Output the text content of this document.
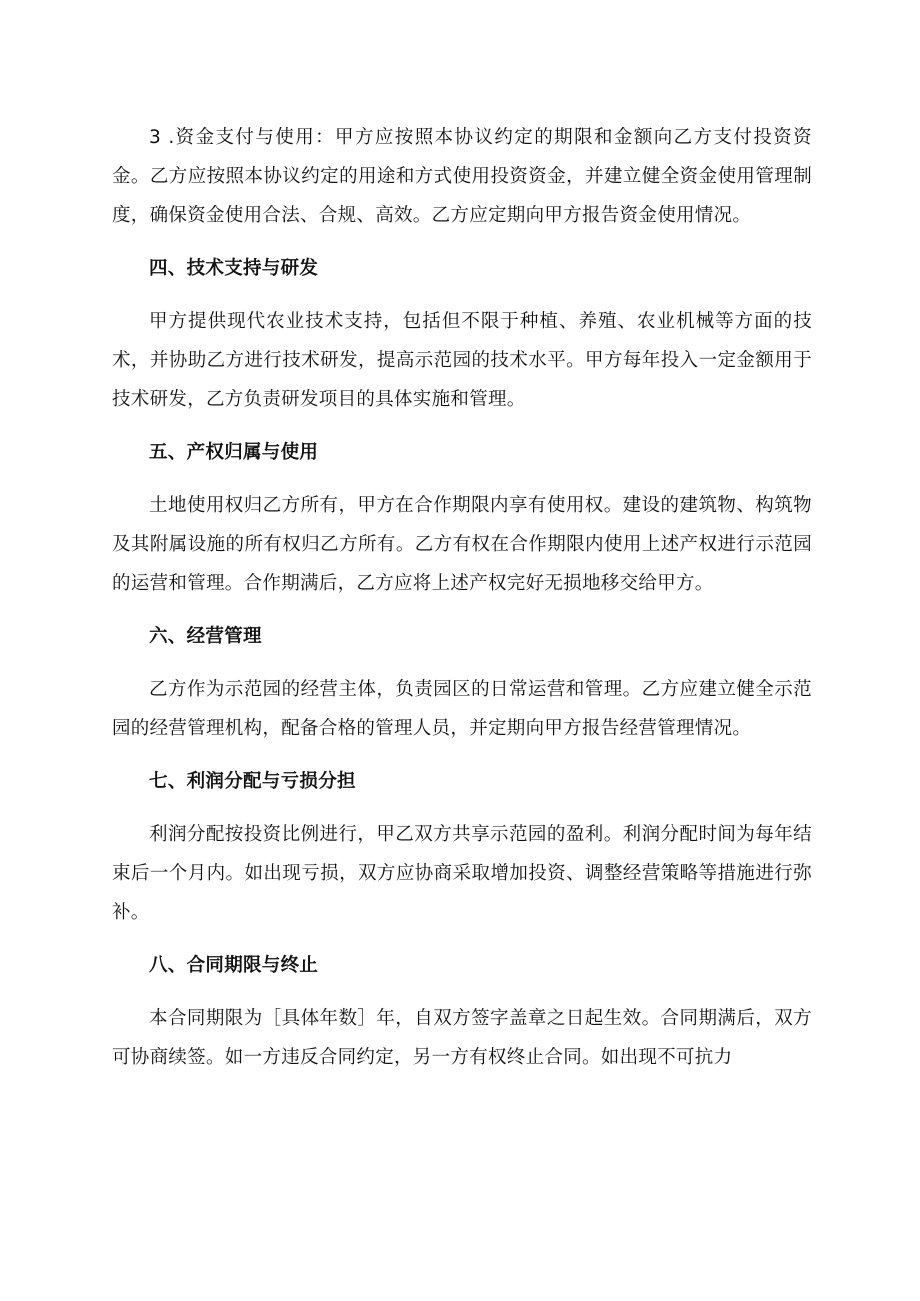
3 .资金支付与使用：甲方应按照本协议约定的期限和金额向乙方支付投资资金。乙方应按照本协议约定的用途和方式使用投资资金，并建立健全资金使用管理制度，确保资金使用合法、合规、高效。乙方应定期向甲方报告资金使用情况。

四、技术支持与研发

甲方提供现代农业技术支持，包括但不限于种植、养殖、农业机械等方面的技术，并协助乙方进行技术研发，提高示范园的技术水平。甲方每年投入一定金额用于技术研发，乙方负责研发项目的具体实施和管理。

五、产权归属与使用

土地使用权归乙方所有，甲方在合作期限内享有使用权。建设的建筑物、构筑物及其附属设施的所有权归乙方所有。乙方有权在合作期限内使用上述产权进行示范园的运营和管理。合作期满后，乙方应将上述产权完好无损地移交给甲方。

六、经营管理

乙方作为示范园的经营主体，负责园区的日常运营和管理。乙方应建立健全示范园的经营管理机构，配备合格的管理人员，并定期向甲方报告经营管理情况。

七、利润分配与亏损分担

利润分配按投资比例进行，甲乙双方共享示范园的盈利。利润分配时间为每年结束后一个月内。如出现亏损，双方应协商采取增加投资、调整经营策略等措施进行弥补。

八、合同期限与终止

本合同期限为［具体年数］年，自双方签字盖章之日起生效。合同期满后，双方可协商续签。如一方违反合同约定，另一方有权终止合同。如出现不可抗力
